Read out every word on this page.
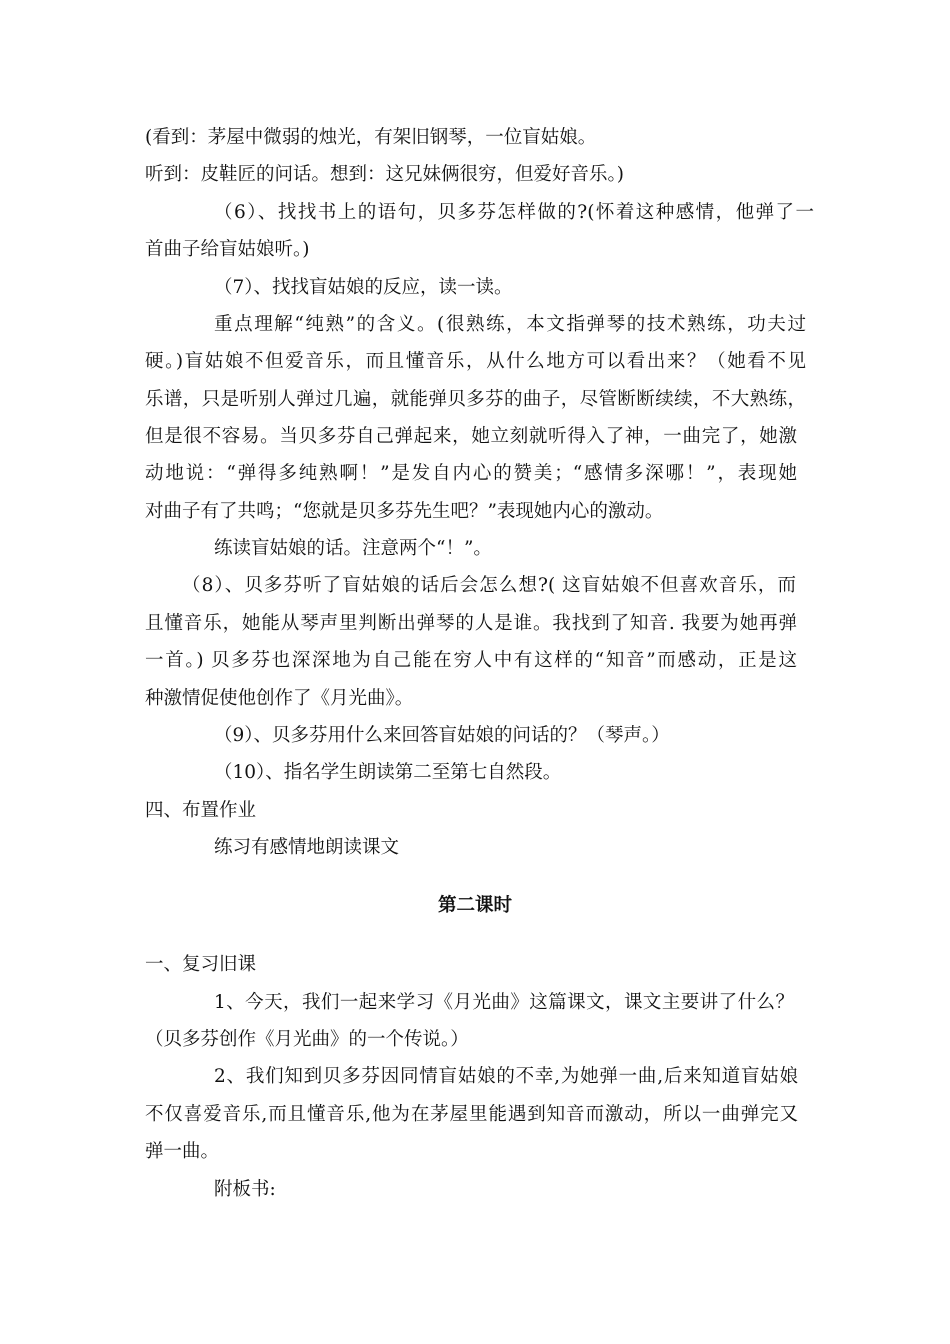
(看到：茅屋中微弱的烛光，有架旧钢琴，一位盲姑娘。
听到：皮鞋匠的问话。想到：这兄妹俩很穷，但爱好音乐。)
（6）、找找书上的语句，贝多芬怎样做的?(怀着这种感情，他弹了一
首曲子给盲姑娘听。)
（7）、找找盲姑娘的反应，读一读。
重点理解“纯熟”的含义。(很熟练，本文指弹琴的技术熟练，功夫过
硬。)盲姑娘不但爱音乐，而且懂音乐，从什么地方可以看出来？（她看不见
乐谱，只是听别人弹过几遍，就能弹贝多芬的曲子，尽管断断续续，不大熟练，
但是很不容易。当贝多芬自己弹起来，她立刻就听得入了神，一曲完了，她激
动地说：“弹得多纯熟啊！”是发自内心的赞美；“感情多深哪！”，表现她
对曲子有了共鸣；“您就是贝多芬先生吧？”表现她内心的激动。
练读盲姑娘的话。注意两个“！”。
（8）、贝多芬听了盲姑娘的话后会怎么想?( 这盲姑娘不但喜欢音乐，而
且懂音乐，她能从琴声里判断出弹琴的人是谁。我找到了知音. 我要为她再弹
一首。) 贝多芬也深深地为自己能在穷人中有这样的“知音”而感动，正是这
种激情促使他创作了《月光曲》。
（9）、贝多芬用什么来回答盲姑娘的问话的？（琴声。）
（10）、指名学生朗读第二至第七自然段。
四、布置作业
练习有感情地朗读课文
第二课时
一、复习旧课
1、今天，我们一起来学习《月光曲》这篇课文，课文主要讲了什么？
（贝多芬创作《月光曲》的一个传说。）
2、我们知到贝多芬因同情盲姑娘的不幸,为她弹一曲,后来知道盲姑娘
不仅喜爱音乐,而且懂音乐,他为在茅屋里能遇到知音而激动，所以一曲弹完又
弹一曲。
附板书:
